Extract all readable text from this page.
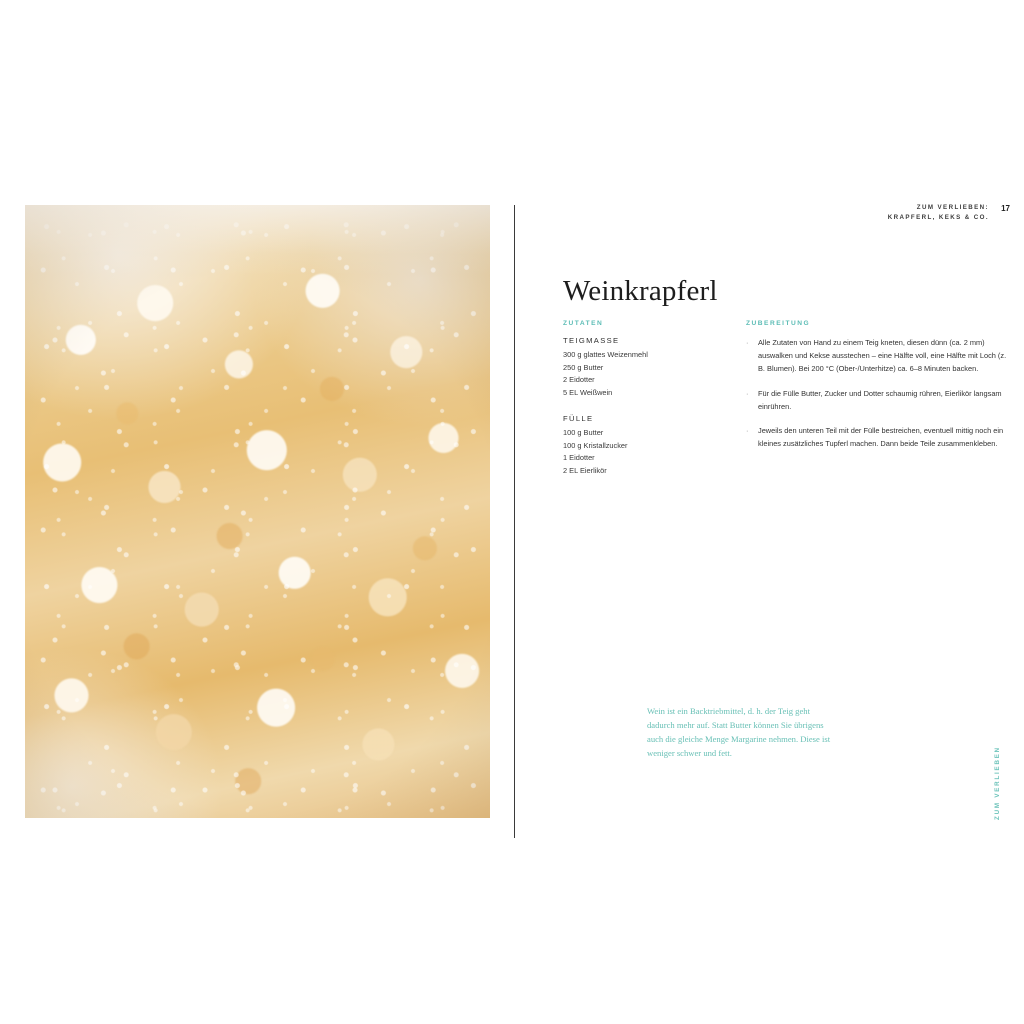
ZUM VERLIEBEN:
KRAPFERL, KEKS & CO.
17
Weinkrapferl
ZUTATEN
TEIGMASSE
300 g glattes Weizenmehl
250 g Butter
2 Eidotter
5 EL Weißwein
FÜLLE
100 g Butter
100 g Kristallzucker
1 Eidotter
2 EL Eierlikör
ZUBEREITUNG
· Alle Zutaten von Hand zu einem Teig kneten, diesen dünn (ca. 2 mm) auswalken und Kekse ausstechen – eine Hälfte voll, eine Hälfte mit Loch (z. B. Blumen). Bei 200 °C (Ober-/Unterhitze) ca. 6–8 Minuten backen.
· Für die Fülle Butter, Zucker und Dotter schaumig rühren, Eierlikör langsam einrühren.
· Jeweils den unteren Teil mit der Fülle bestreichen, eventuell mittig noch ein kleines zusätzliches Tupferl machen. Dann beide Teile zusammenkleben.
Wein ist ein Backtriebmittel, d. h. der Teig geht dadurch mehr auf. Statt Butter können Sie übrigens auch die gleiche Menge Margarine nehmen. Diese ist weniger schwer und fett.	ZUM VERLIEBEN
